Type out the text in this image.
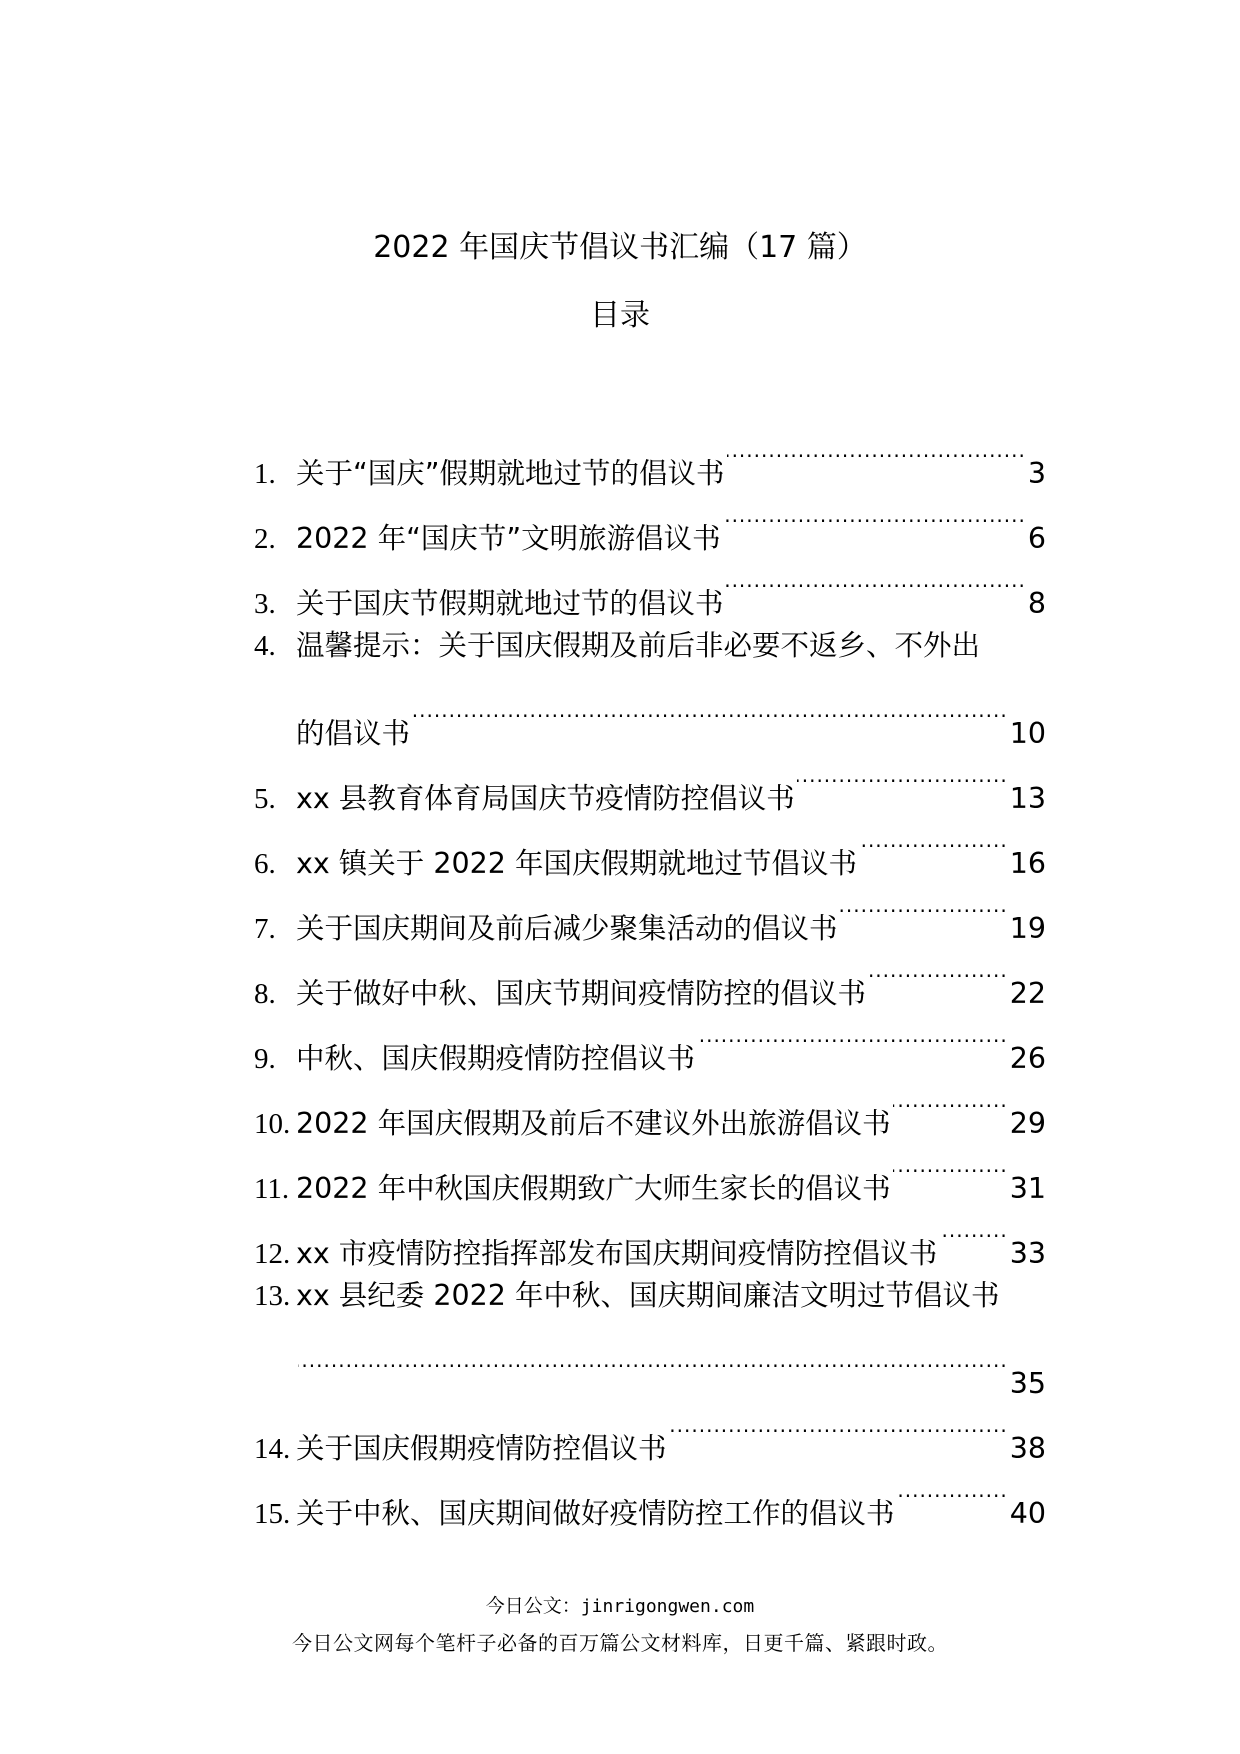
2022 年国庆节倡议书汇编（17 篇）
目录
1. 关于“国庆”假期就地过节的倡议书 .....	3
2. 2022 年“国庆节”文明旅游倡议书 .....	6
3. 关于国庆节假期就地过节的倡议书 .....	8
4. 温馨提示：关于国庆假期及前后非必要不返乡、不外出
的倡议书 .....	10
5. xx 县教育体育局国庆节疫情防控倡议书 .....	13
6. xx 镇关于 2022 年国庆假期就地过节倡议书 .....	16
7. 关于国庆期间及前后减少聚集活动的倡议书 .....	19
8. 关于做好中秋、国庆节期间疫情防控的倡议书 .....	22
9. 中秋、国庆假期疫情防控倡议书 .....	26
10. 2022 年国庆假期及前后不建议外出旅游倡议书 .....	29
11. 2022 年中秋国庆假期致广大师生家长的倡议书 .....	31
12. xx 市疫情防控指挥部发布国庆期间疫情防控倡议书 .....	33
13. xx 县纪委 2022 年中秋、国庆期间廉洁文明过节倡议书
.....
35
14. 关于国庆假期疫情防控倡议书 .....	38
15. 关于中秋、国庆期间做好疫情防控工作的倡议书 .....	40
今日公文：jinrigongwen.com
今日公文网每个笔杆子必备的百万篇公文材料库，日更千篇、紧跟时政。
